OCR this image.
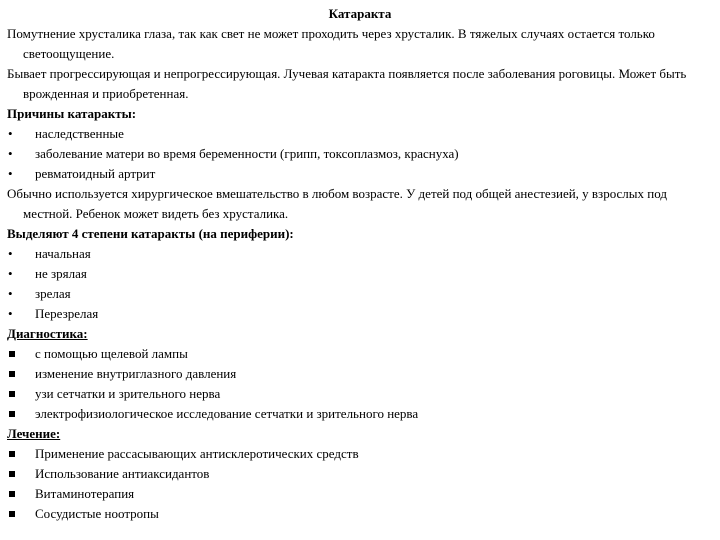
Катаракта
Помутнение хрусталика глаза, так как свет не может проходить через хрусталик. В тяжелых случаях остается только светоощущение.
Бывает прогрессирующая и непрогрессирующая. Лучевая катаракта появляется после заболевания роговицы. Может быть врожденная и приобретенная.
Причины катаракты:
•	наследственные
•	заболевание матери во время беременности (грипп, токсоплазмоз, краснуха)
•	ревматоидный артрит
Обычно используется хирургическое вмешательство в любом возрасте. У детей под общей анестезией, у взрослых под местной. Ребенок может видеть без хрусталика.
Выделяют 4 степени катаракты (на периферии):
•	начальная
•	не зрялая
•	зрелая
•	Перезрелая
Диагностика:
с помощью щелевой лампы
изменение внутриглазного давления
узи сетчатки и зрительного нерва
электрофизиологическое исследование сетчатки и зрительного нерва
Лечение:
Применение рассасывающих антисклеротических средств
Использование антиаксидантов
Витаминотерапия
Сосудистые ноотропы
